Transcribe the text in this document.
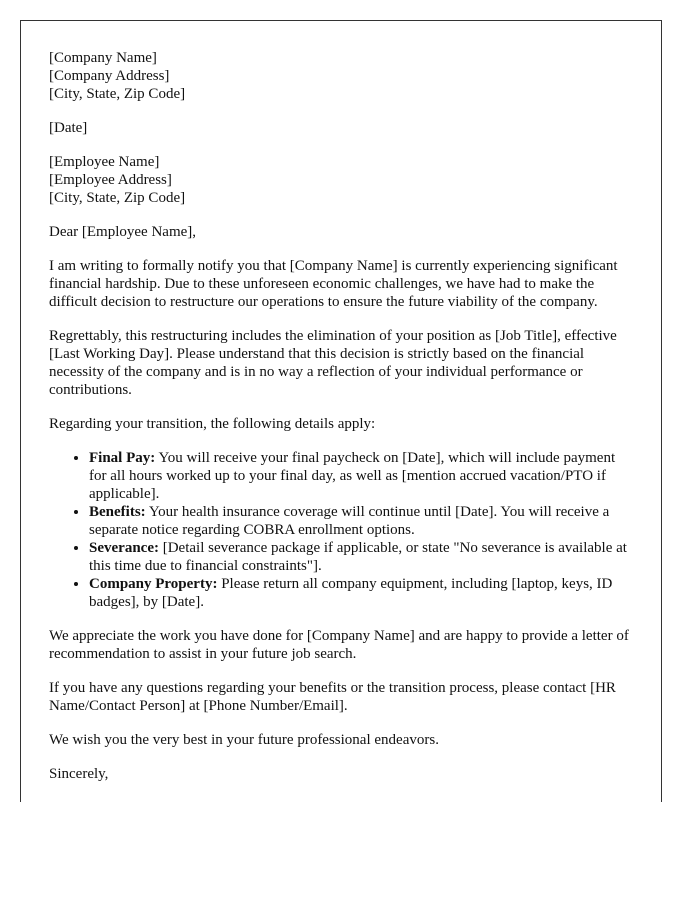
[Company Name]
[Company Address]
[City, State, Zip Code]

[Date]

[Employee Name]
[Employee Address]
[City, State, Zip Code]

Dear [Employee Name],

I am writing to formally notify you that [Company Name] is currently experiencing significant financial hardship. Due to these unforeseen economic challenges, we have had to make the difficult decision to restructure our operations to ensure the future viability of the company.

Regrettably, this restructuring includes the elimination of your position as [Job Title], effective [Last Working Day]. Please understand that this decision is strictly based on the financial necessity of the company and is in no way a reflection of your individual performance or contributions.

Regarding your transition, the following details apply:

• Final Pay: You will receive your final paycheck on [Date], which will include payment for all hours worked up to your final day, as well as [mention accrued vacation/PTO if applicable].
• Benefits: Your health insurance coverage will continue until [Date]. You will receive a separate notice regarding COBRA enrollment options.
• Severance: [Detail severance package if applicable, or state "No severance is available at this time due to financial constraints"].
• Company Property: Please return all company equipment, including [laptop, keys, ID badges], by [Date].

We appreciate the work you have done for [Company Name] and are happy to provide a letter of recommendation to assist in your future job search.

If you have any questions regarding your benefits or the transition process, please contact [HR Name/Contact Person] at [Phone Number/Email].

We wish you the very best in your future professional endeavors.

Sincerely,
